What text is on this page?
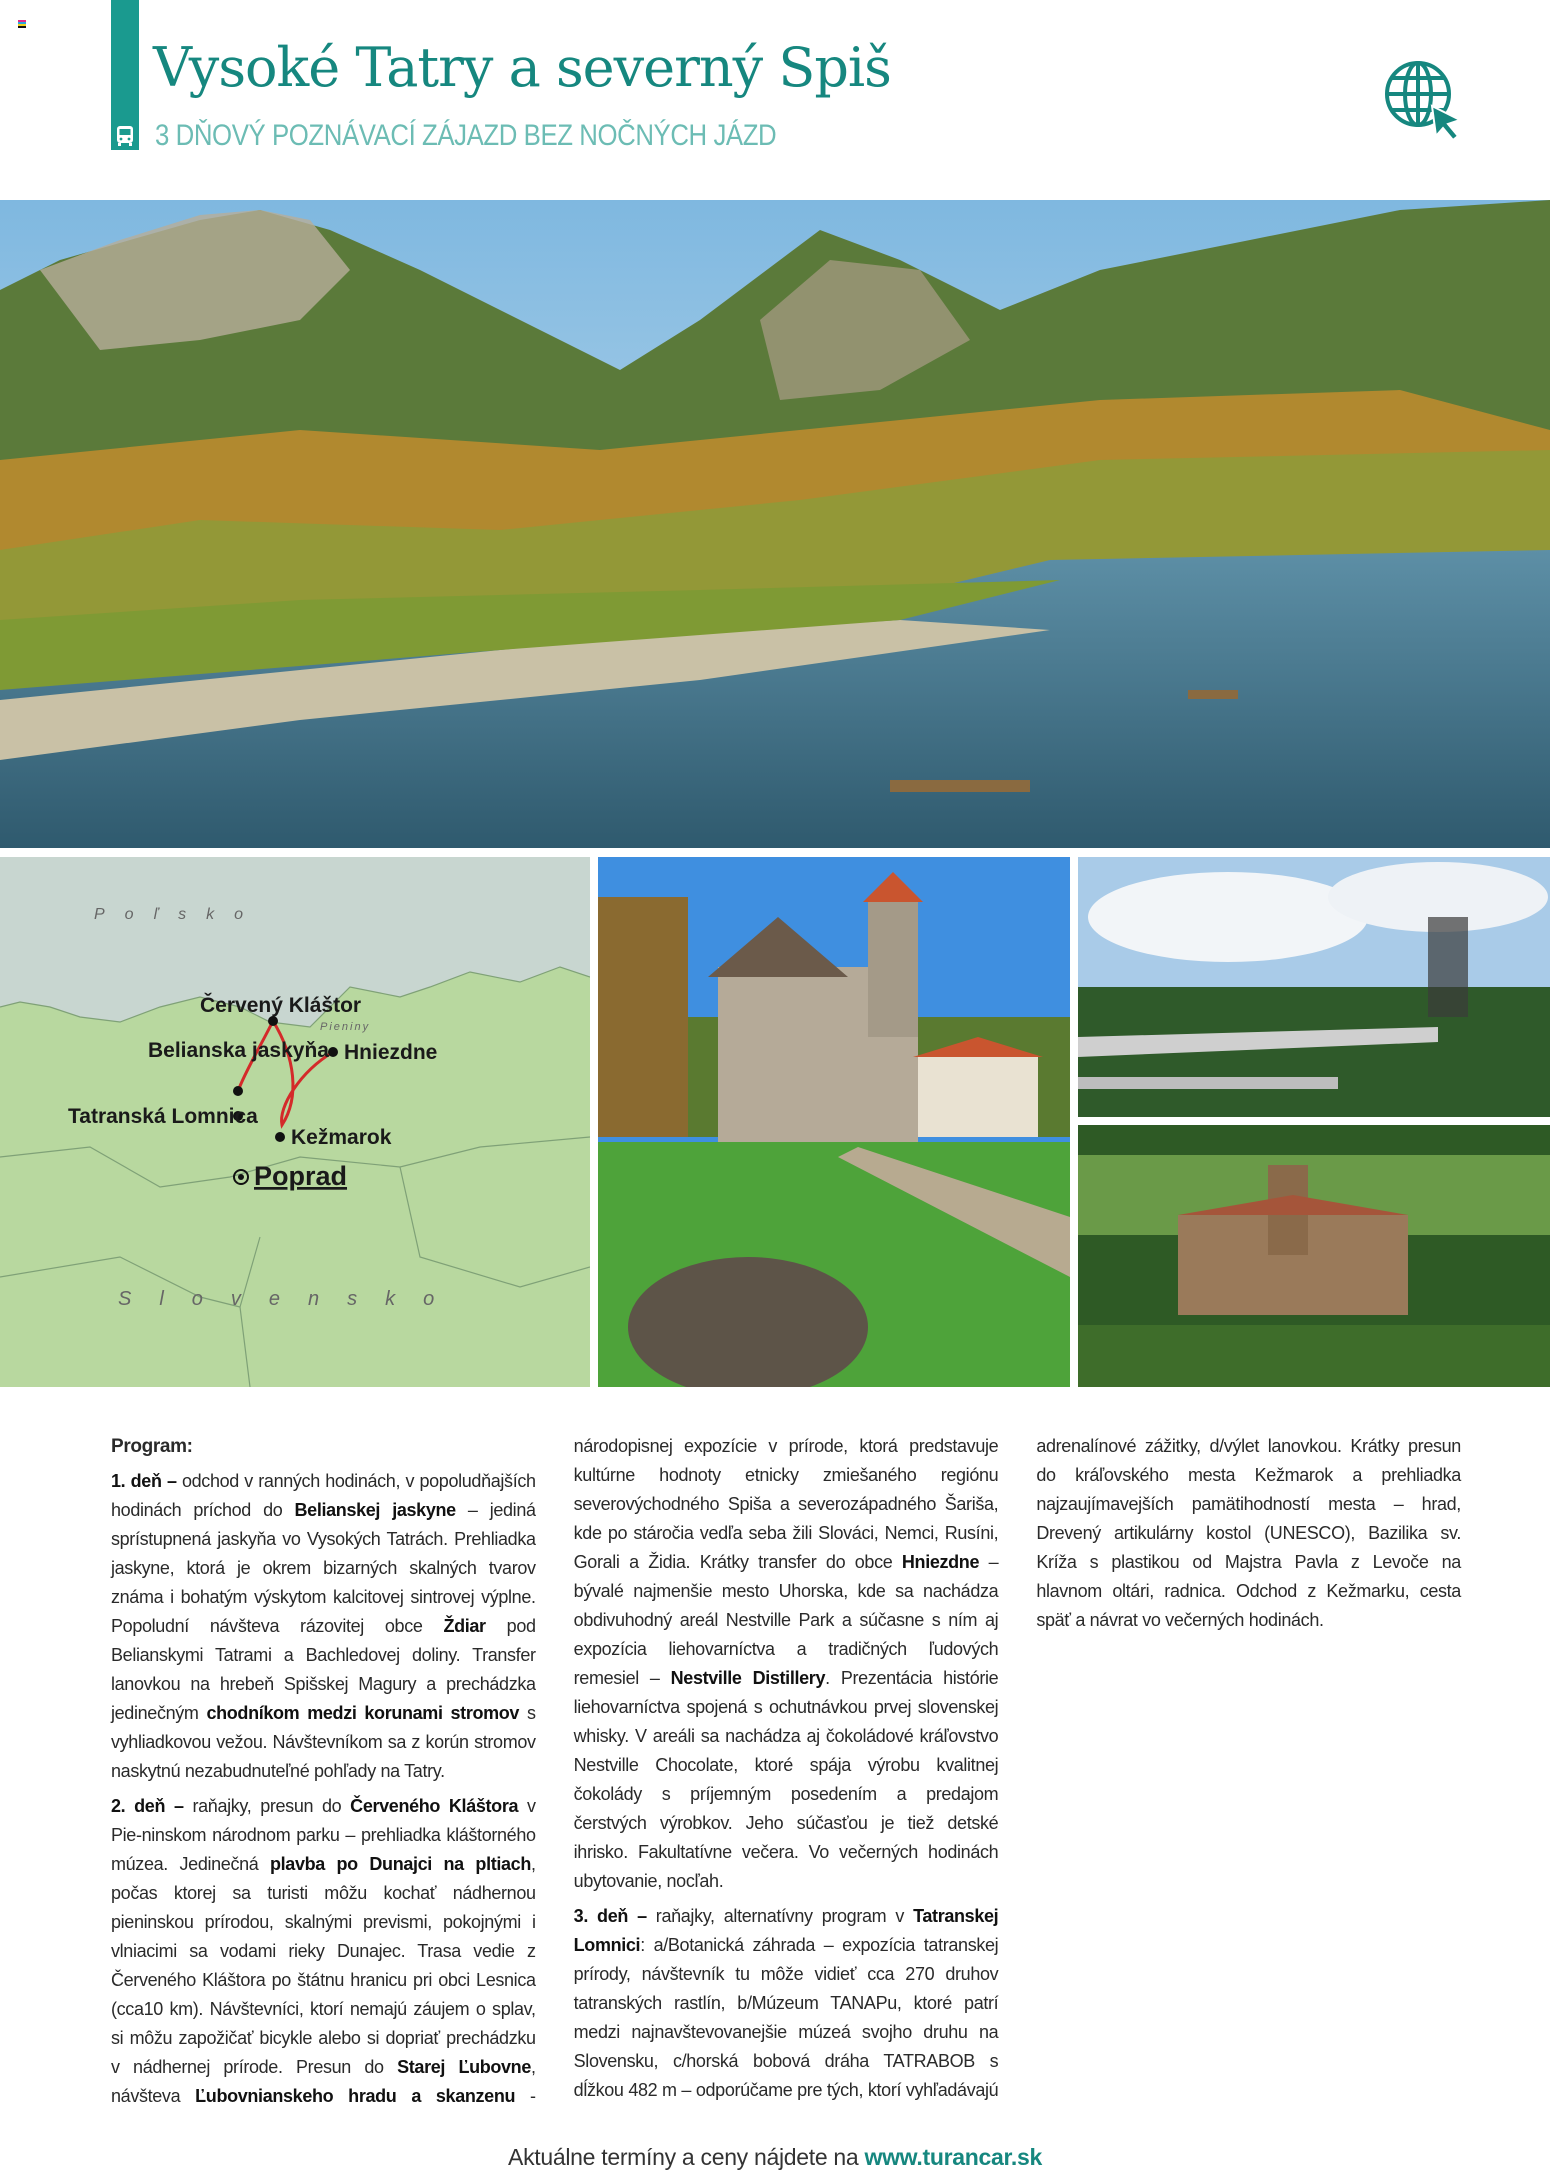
Vysoké Tatry a severný Spiš
3 DŇOVÝ POZNÁVACÍ ZÁJAZD BEZ NOČNÝCH JÁZD
Poľsko
Slovensko
Pieniny
Červený Kláštor
Belianska jaskyňa Hniezdne
Tatranská Lomnica
Kežmarok
Poprad
Program:

1. deň – odchod v ranných hodinách, v popoludňajších hodinách príchod do Belianskej jaskyne – jediná sprístupnená jaskyňa vo Vysokých Tatrách. Prehliadka jaskyne, ktorá je okrem bizarných skalných tvarov známa i bohatým výskytom kalcitovej sintrovej výplne. Popoludní návšteva rázovitej obce Ždiar pod Belianskymi Tatrami a Bachledovej doliny. Transfer lanovkou na hrebeň Spišskej Magury a prechádzka jedinečným chodníkom medzi korunami stromov s vyhliadkovou vežou. Návštevníkom sa z korún stromov naskytnú nezabudnuteľné pohľady na Tatry.

2. deň – raňajky, presun do Červeného Kláštora v Pie-ninskom národnom parku – prehliadka kláštorného múzea. Jedinečná plavba po Dunajci na pltiach, počas ktorej sa turisti môžu kochať nádhernou pieninskou prírodou, skalnými prevismi, pokojnými i vlniacimi sa vodami rieky Dunajec. Trasa vedie z Červeného Kláštora po štátnu hranicu pri obci Lesnica (cca10 km). Návštevníci, ktorí nemajú záujem o splav, si môžu zapožičať bicykle alebo si dopriať prechádzku v nádhernej prírode. Presun do Starej Ľubovne, návšteva Ľubovnianskeho hradu a skanzenu - národopisnej expozície v prírode, ktorá predstavuje kultúrne hodnoty etnicky zmiešaného regiónu severovýchodného Spiša a severozápadného Šariša, kde po stáročia vedľa seba žili Slováci, Nemci, Rusíni, Gorali a Židia. Krátky transfer do obce Hniezdne – bývalé najmenšie mesto Uhorska, kde sa nachádza obdivuhodný areál Nestville Park a súčasne s ním aj expozícia liehovarníctva a tradičných ľudových remesiel – Nestville Distillery. Prezentácia histórie liehovarníctva spojená s ochutnávkou prvej slovenskej whisky. V areáli sa nachádza aj čokoládové kráľovstvo Nestville Chocolate, ktoré spája výrobu kvalitnej čokolády s príjemným posedením a predajom čerstvých výrobkov. Jeho súčasťou je tiež detské ihrisko. Fakultatívne večera. Vo večerných hodinách ubytovanie, nocľah.

3. deň – raňajky, alternatívny program v Tatranskej Lomnici: a/Botanická záhrada – expozícia tatranskej prírody, návštevník tu môže vidieť cca 270 druhov tatranských rastlín, b/Múzeum TANAPu, ktoré patrí medzi najnavštevovanejšie múzeá svojho druhu na Slovensku, c/horská bobová dráha TATRABOB s dĺžkou 482 m – odporúčame pre tých, ktorí vyhľadávajú adrenalínové zážitky, d/výlet lanovkou. Krátky presun do kráľovského mesta Kežmarok a prehliadka najzaujímavejších pamätihodností mesta – hrad, Drevený artikulárny kostol (UNESCO), Bazilika sv. Kríža s plastikou od Majstra Pavla z Levoče na hlavnom oltári, radnica. Odchod z Kežmarku, cesta späť a návrat vo večerných hodinách.

Aktuálne termíny a ceny nájdete na www.turancar.sk
